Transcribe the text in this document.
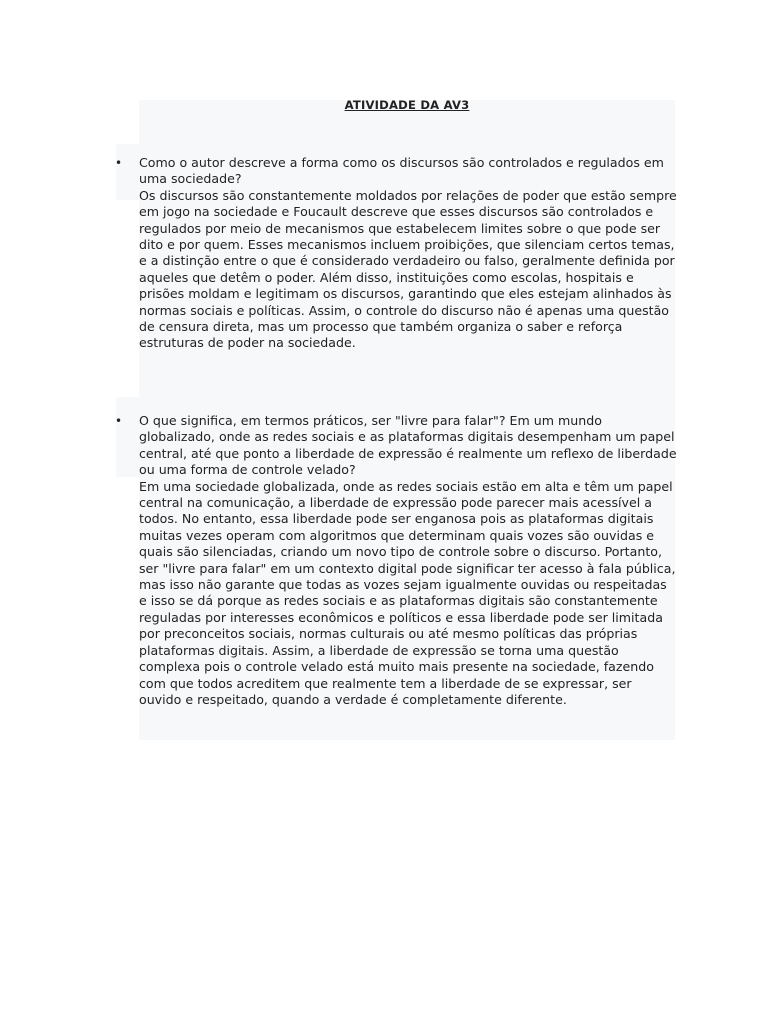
ATIVIDADE DA AV3
• Como o autor descreve a forma como os discursos são controlados e regulados em uma sociedade?

Os discursos são constantemente moldados por relações de poder que estão sempre em jogo na sociedade e Foucault descreve que esses discursos são controlados e regulados por meio de mecanismos que estabelecem limites sobre o que pode ser dito e por quem. Esses mecanismos incluem proibições, que silenciam certos temas, e a distinção entre o que é considerado verdadeiro ou falso, geralmente definida por aqueles que detêm o poder. Além disso, instituições como escolas, hospitais e prisões moldam e legitimam os discursos, garantindo que eles estejam alinhados às normas sociais e políticas. Assim, o controle do discurso não é apenas uma questão de censura direta, mas um processo que também organiza o saber e reforça estruturas de poder na sociedade.

• O que significa, em termos práticos, ser "livre para falar"? Em um mundo globalizado, onde as redes sociais e as plataformas digitais desempenham um papel central, até que ponto a liberdade de expressão é realmente um reflexo de liberdade ou uma forma de controle velado?

Em uma sociedade globalizada, onde as redes sociais estão em alta e têm um papel central na comunicação, a liberdade de expressão pode parecer mais acessível a todos. No entanto, essa liberdade pode ser enganosa pois as plataformas digitais muitas vezes operam com algoritmos que determinam quais vozes são ouvidas e quais são silenciadas, criando um novo tipo de controle sobre o discurso. Portanto, ser "livre para falar" em um contexto digital pode significar ter acesso à fala pública, mas isso não garante que todas as vozes sejam igualmente ouvidas ou respeitadas e isso se dá porque as redes sociais e as plataformas digitais são constantemente reguladas por interesses econômicos e políticos e essa liberdade pode ser limitada por preconceitos sociais, normas culturais ou até mesmo políticas das próprias plataformas digitais. Assim, a liberdade de expressão se torna uma questão complexa pois o controle velado está muito mais presente na sociedade, fazendo com que todos acreditem que realmente tem a liberdade de se expressar, ser ouvido e respeitado, quando a verdade é completamente diferente.
